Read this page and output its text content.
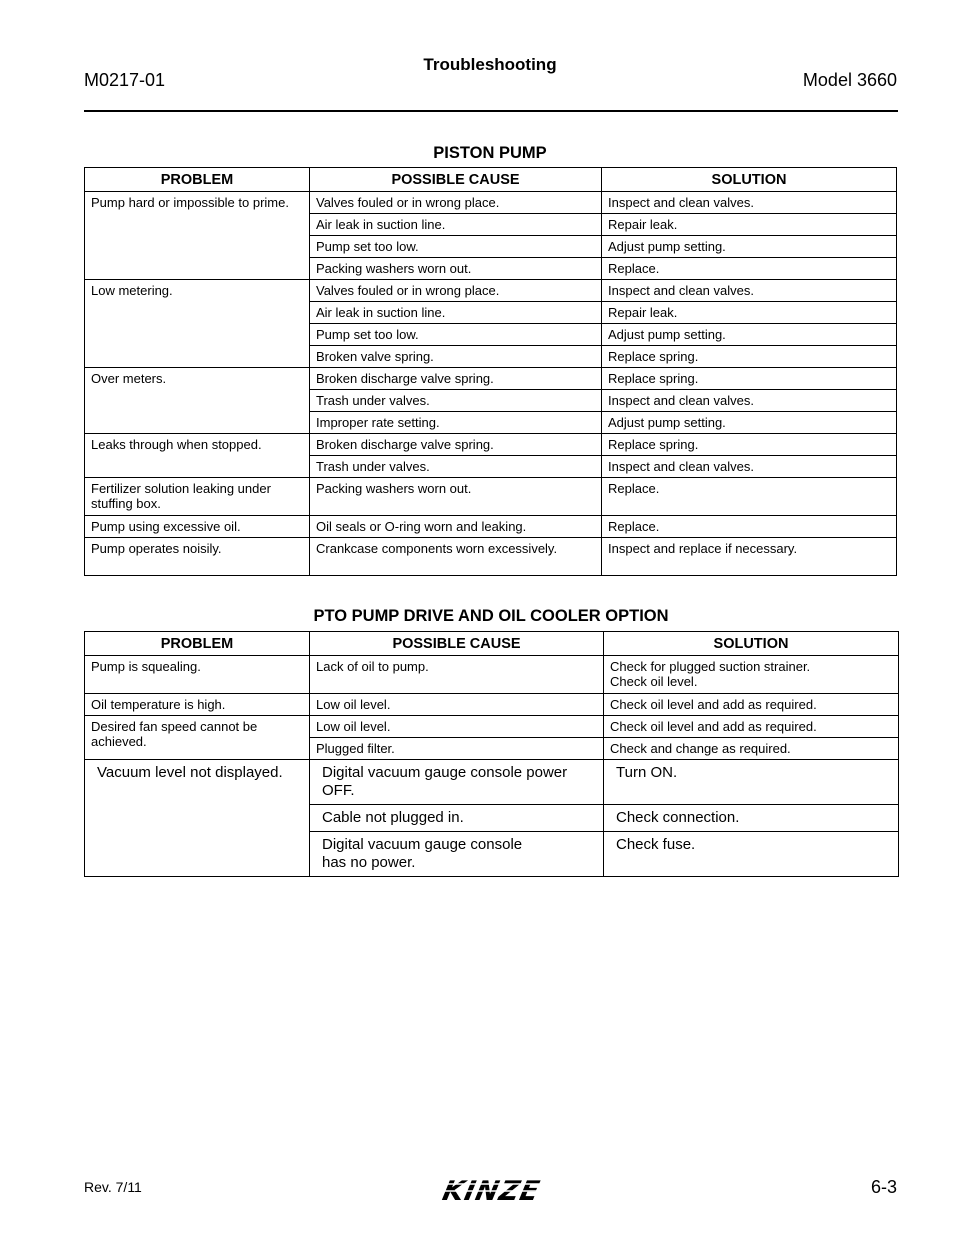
M0217-01
Troubleshooting
Model 3660
PISTON PUMP
PROBLEM	POSSIBLE CAUSE	SOLUTION
Pump hard or impossible to prime.	Valves fouled or in wrong place.	Inspect and clean valves.
	Air leak in suction line.	Repair leak.
	Pump set too low.	Adjust pump setting.
	Packing washers worn out.	Replace.
Low metering.	Valves fouled or in wrong place.	Inspect and clean valves.
	Air leak in suction line.	Repair leak.
	Pump set too low.	Adjust pump setting.
	Broken valve spring.	Replace spring.
Over meters.	Broken discharge valve spring.	Replace spring.
	Trash under valves.	Inspect and clean valves.
	Improper rate setting.	Adjust pump setting.
Leaks through when stopped.	Broken discharge valve spring.	Replace spring.
	Trash under valves.	Inspect and clean valves.
Fertilizer solution leaking under stuffing box.	Packing washers worn out.	Replace.
Pump using excessive oil.	Oil seals or O-ring worn and leaking.	Replace.
Pump operates noisily.	Crankcase components worn excessively.	Inspect and replace if necessary.
PTO PUMP DRIVE AND OIL COOLER OPTION
PROBLEM	POSSIBLE CAUSE	SOLUTION
Pump is squealing.	Lack of oil to pump.	Check for plugged suction strainer.
Check oil level.
Oil temperature is high.	Low oil level.	Check oil level and add as required.
Desired fan speed cannot be achieved.	Low oil level.	Check oil level and add as required.
	Plugged filter.	Check and change as required.
Vacuum level not displayed.	Digital vacuum gauge console power OFF.	Turn ON.
	Cable not plugged in.	Check connection.
	Digital vacuum gauge console
has no power.	Check fuse.
Rev. 7/11	KINZE	6-3
